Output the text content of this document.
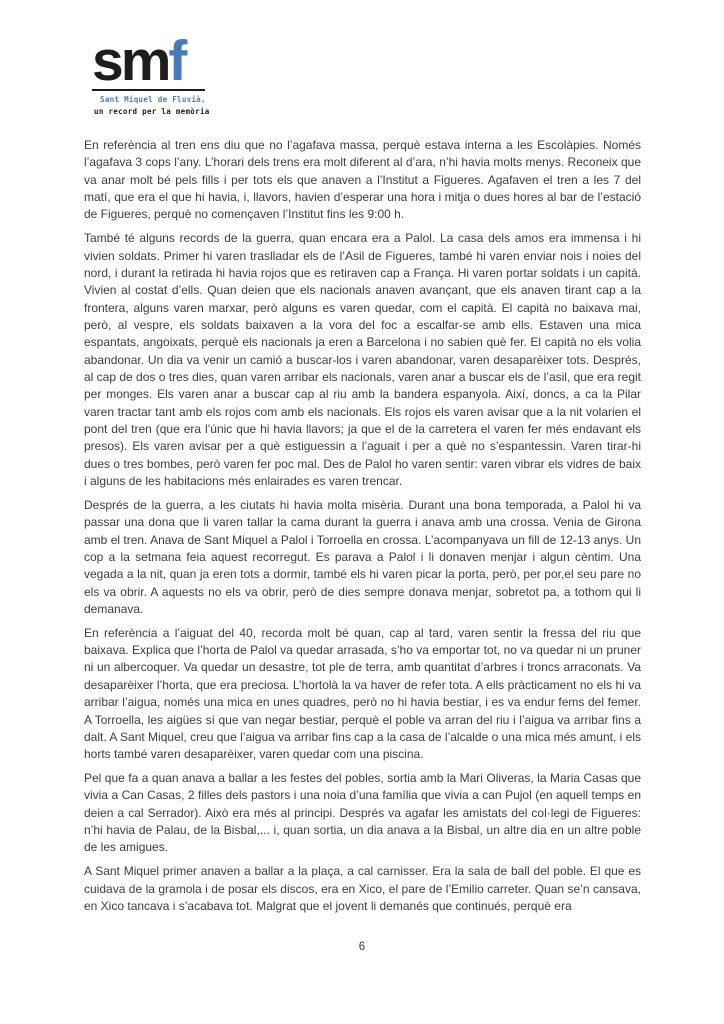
smf
Sant Miquel de Fluvià,
un record per la memòria

En referència al tren ens diu que no l’agafava massa, perquè estava interna a les Escolàpies. Només l’agafava 3 cops l’any. L’horari dels trens era molt diferent al d’ara, n’hi havia molts menys. Reconeix que va anar molt bé pels fills i per tots els que anaven a l’Institut a Figueres. Agafaven el tren a les 7 del matí, que era el que hi havia, i, llavors, havien d’esperar una hora i mitja o dues hores al bar de l’estació de Figueres, perquè no començaven l’Institut fins les 9:00 h.

També té alguns records de la guerra, quan encara era a Palol. La casa dels amos era immensa i hi vivien soldats. Primer hi varen traslladar els de l’Asil de Figueres, també hi varen enviar nois i noies del nord, i durant la retirada hi havia rojos que es retiraven cap a França. Hi varen portar soldats i un capità. Vivien al costat d’ells. Quan deien que els nacionals anaven avançant, que els anaven tirant cap a la frontera, alguns varen marxar, però alguns es varen quedar, com el capità. El capità no baixava mai, però, al vespre, els soldats baixaven a la vora del foc a escalfar-se amb ells. Estaven una mica espantats, angoixats, perquè els nacionals ja eren a Barcelona i no sabien què fer. El capità no els volia abandonar. Un dia va venir un camió a buscar-los i varen abandonar, varen desaparèixer tots. Després, al cap de dos o tres dies, quan varen arribar els nacionals, varen anar a buscar els de l’asil, que era regit per monges. Els varen anar a buscar cap al riu amb la bandera espanyola. Així, doncs, a ca la Pilar varen tractar tant amb els rojos com amb els nacionals. Els rojos els varen avisar que a la nit volarien el pont del tren (que era l’únic que hi havia llavors; ja que el de la carretera el varen fer més endavant els presos). Els varen avisar per a què estiguessin a l’aguait i per a què no s’espantessin. Varen tirar-hi dues o tres bombes, però varen fer poc mal. Des de Palol ho varen sentir: varen vibrar els vidres de baix i alguns de les habitacions més enlairades es varen trencar.

Després de la guerra, a les ciutats hi havia molta misèria. Durant una bona temporada, a Palol hi va passar una dona que li varen tallar la cama durant la guerra i anava amb una crossa. Venia de Girona amb el tren. Anava de Sant Miquel a Palol i Torroella en crossa. L’acompanyava un fill de 12-13 anys. Un cop a la setmana feia aquest recorregut. Es parava a Palol i li donaven menjar i algun cèntim. Una vegada a la nit, quan ja eren tots a dormir, també els hi varen picar la porta, però, per por,el seu pare no els va obrir. A aquests no els va obrir, però de dies sempre donava menjar, sobretot pa, a tothom qui li demanava.

En referència a l’aiguat del 40, recorda molt bé quan, cap al tard, varen sentir la fressa del riu que baixava. Explica que l’horta de Palol va quedar arrasada, s’ho va emportar tot, no va quedar ni un pruner ni un albercoquer. Va quedar un desastre, tot ple de terra, amb quantitat d’arbres i troncs arraconats. Va desaparèixer l’horta, que era preciosa. L’hortolà la va haver de refer tota. A ells pràcticament no els hi va arribar l’aigua, només una mica en unes quadres, però no hi havia bestiar, i es va endur fems del femer. A Torroella, les aigües sí que van negar bestiar, perquè el poble va arran del riu i l’aigua va arribar fins a dalt. A Sant Miquel, creu que l’aigua va arribar fins cap a la casa de l’alcalde o una mica més amunt, i els horts també varen desaparèixer, varen quedar com una piscina.

Pel que fa a quan anava a ballar a les festes del pobles, sortia amb la Mari Oliveras, la Maria Casas que vivia a Can Casas, 2 filles dels pastors i una noia d’una família que vivia a can Pujol (en aquell temps en deien a cal Serrador). Això era més al principi. Després va agafar les amistats del col·legi de Figueres: n’hi havia de Palau, de la Bisbal,... i, quan sortia, un dia anava a la Bisbal, un altre dia en un altre poble de les amigues.

A Sant Miquel primer anaven a ballar a la plaça, a cal carnisser. Era la sala de ball del poble. El que es cuidava de la gramola i de posar els discos, era en Xico, el pare de l’Emilio carreter. Quan se’n cansava, en Xico tancava i s’acabava tot. Malgrat que el jovent li demanés que continués, perquè era

6
